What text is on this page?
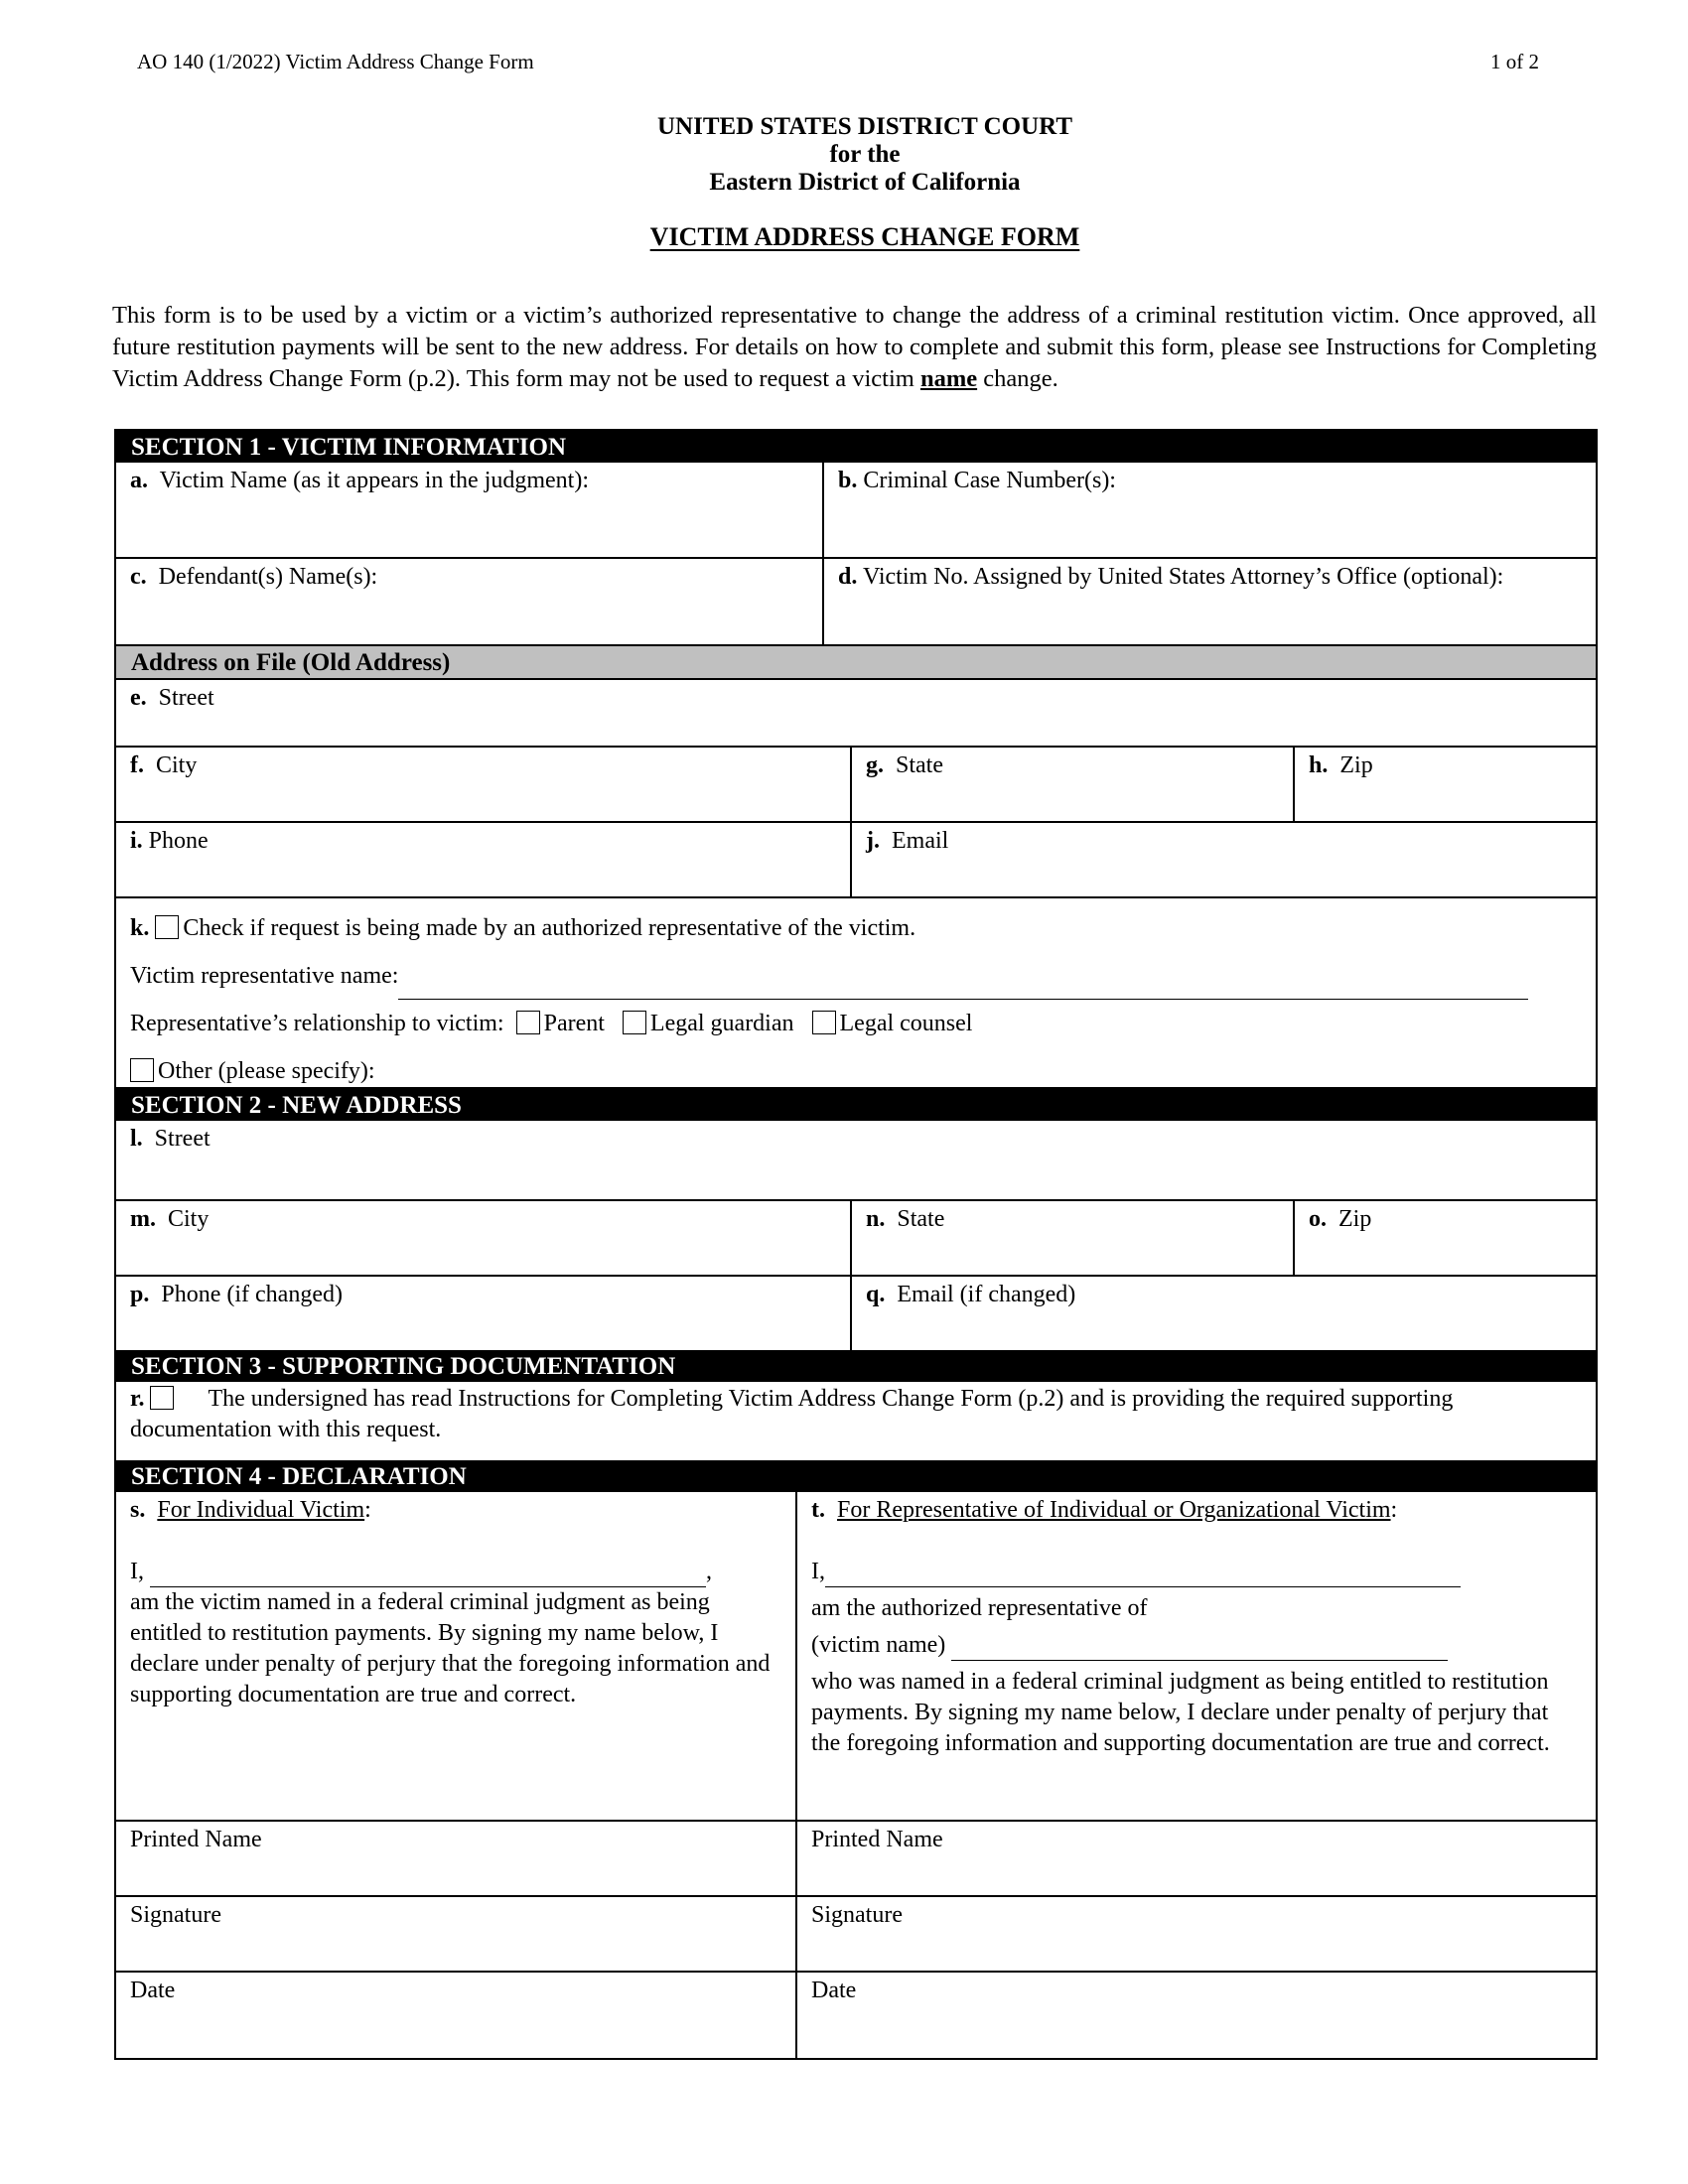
AO 140 (1/2022) Victim Address Change Form	1 of 2
UNITED STATES DISTRICT COURT
for the
Eastern District of California
VICTIM ADDRESS CHANGE FORM
This form is to be used by a victim or a victim’s authorized representative to change the address of a criminal restitution victim. Once approved, all future restitution payments will be sent to the new address. For details on how to complete and submit this form, please see Instructions for Completing Victim Address Change Form (p.2). This form may not be used to request a victim name change.
SECTION 1 - VICTIM INFORMATION
a. Victim Name (as it appears in the judgment):	b. Criminal Case Number(s):
c. Defendant(s) Name(s):	d. Victim No. Assigned by United States Attorney’s Office (optional):
Address on File (Old Address)
e. Street
f. City	g. State	h. Zip
i. Phone	j. Email
k. Check if request is being made by an authorized representative of the victim.
Victim representative name:
Representative’s relationship to victim: Parent Legal guardian Legal counsel
Other (please specify):
SECTION 2 - NEW ADDRESS
l. Street
m. City	n. State	o. Zip
p. Phone (if changed)	q. Email (if changed)
SECTION 3 - SUPPORTING DOCUMENTATION
r.	The undersigned has read Instructions for Completing Victim Address Change Form (p.2) and is providing the required supporting documentation with this request.
SECTION 4 - DECLARATION
s. For Individual Victim:
I,	,
am the victim named in a federal criminal judgment as being entitled to restitution payments. By signing my name below, I declare under penalty of perjury that the foregoing information and supporting documentation are true and correct.
t. For Representative of Individual or Organizational Victim:
I,
am the authorized representative of
(victim name)
who was named in a federal criminal judgment as being entitled to restitution payments. By signing my name below, I declare under penalty of perjury that the foregoing information and supporting documentation are true and correct.
Printed Name	Printed Name
Signature	Signature
Date	Date
